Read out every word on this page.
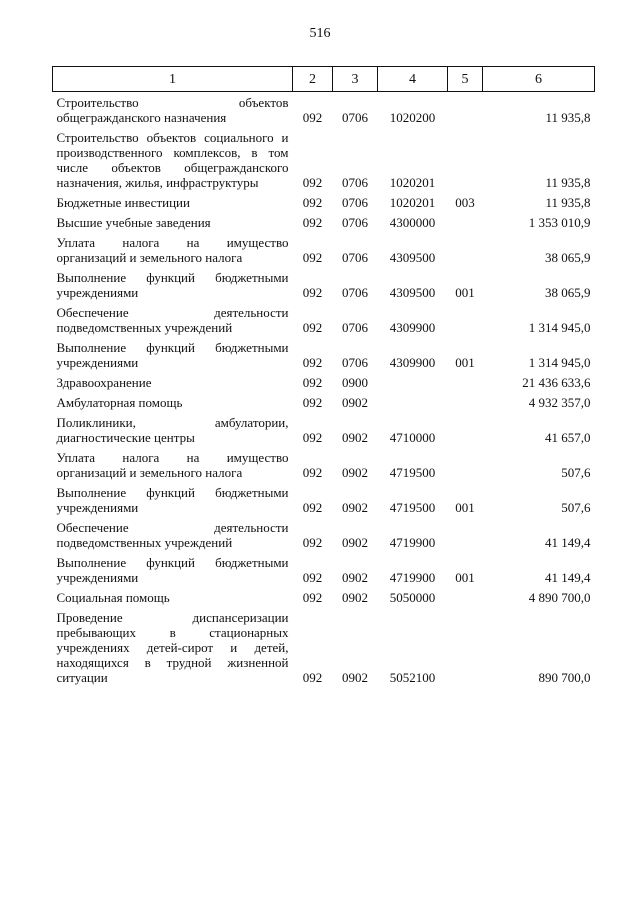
516
1	2	3	4	5	6
Строительство объектов общегражданского назначения	092	0706	1020200		11 935,8
Строительство объектов социального и производственного комплексов, в том числе объектов общегражданского назначения, жилья, инфраструктуры	092	0706	1020201		11 935,8
Бюджетные инвестиции	092	0706	1020201	003	11 935,8
Высшие учебные заведения	092	0706	4300000		1 353 010,9
Уплата налога на имущество организаций и земельного налога	092	0706	4309500		38 065,9
Выполнение функций бюджетными учреждениями	092	0706	4309500	001	38 065,9
Обеспечение деятельности подведомственных учреждений	092	0706	4309900		1 314 945,0
Выполнение функций бюджетными учреждениями	092	0706	4309900	001	1 314 945,0
Здравоохранение	092	0900			21 436 633,6
Амбулаторная помощь	092	0902			4 932 357,0
Поликлиники, амбулатории, диагностические центры	092	0902	4710000		41 657,0
Уплата налога на имущество организаций и земельного налога	092	0902	4719500		507,6
Выполнение функций бюджетными учреждениями	092	0902	4719500	001	507,6
Обеспечение деятельности подведомственных учреждений	092	0902	4719900		41 149,4
Выполнение функций бюджетными учреждениями	092	0902	4719900	001	41 149,4
Социальная помощь	092	0902	5050000		4 890 700,0
Проведение диспансеризации пребывающих в стационарных учреждениях детей-сирот и детей, находящихся в трудной жизненной ситуации	092	0902	5052100		890 700,0
